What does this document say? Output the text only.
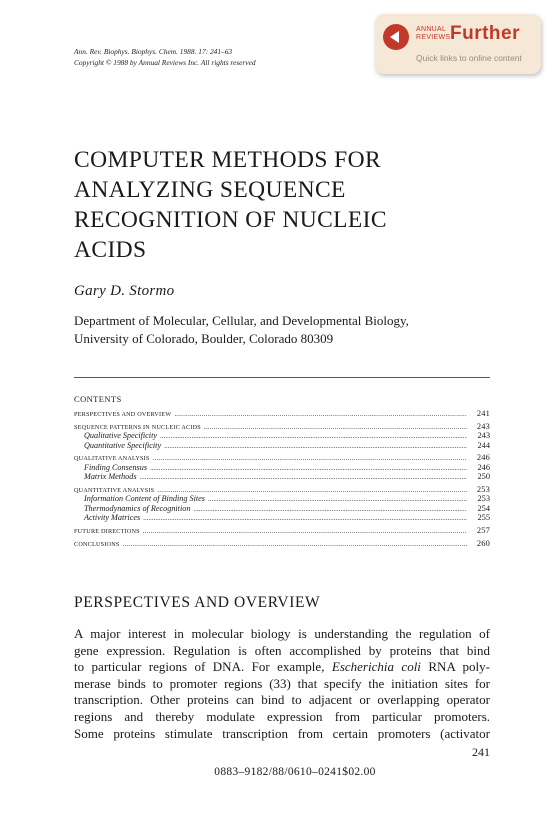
Ann. Rev. Biophys. Biophys. Chem. 1988. 17: 241–63
Copyright © 1988 by Annual Reviews Inc. All rights reserved
ANNUAL
REVIEWS Further
Quick links to online content
COMPUTER METHODS FOR
ANALYZING SEQUENCE
RECOGNITION OF NUCLEIC
ACIDS
Gary D. Stormo
Department of Molecular, Cellular, and Developmental Biology,
University of Colorado, Boulder, Colorado 80309
CONTENTS
PERSPECTIVES AND OVERVIEW .....	241
SEQUENCE PATTERNS IN NUCLEIC ACIDS .....	243
Qualitative Specificity .....	243
Quantitative Specificity .....	244
QUALITATIVE ANALYSIS .....	246
Finding Consensus .....	246
Matrix Methods .....	250
QUANTITATIVE ANALYSIS .....	253
Information Content of Binding Sites .....	253
Thermodynamics of Recognition .....	254
Activity Matrices .....	255
FUTURE DIRECTIONS .....	257
CONCLUSIONS .....	260
PERSPECTIVES AND OVERVIEW
A major interest in molecular biology is understanding the regulation of
gene expression. Regulation is often accomplished by proteins that bind
to particular regions of DNA. For example, Escherichia coli RNA poly-
merase binds to promoter regions (33) that specify the initiation sites for
transcription. Other proteins can bind to adjacent or overlapping operator
regions and thereby modulate expression from particular promoters.
Some proteins stimulate transcription from certain promoters (activator
241
0883–9182/88/0610–0241$02.00
